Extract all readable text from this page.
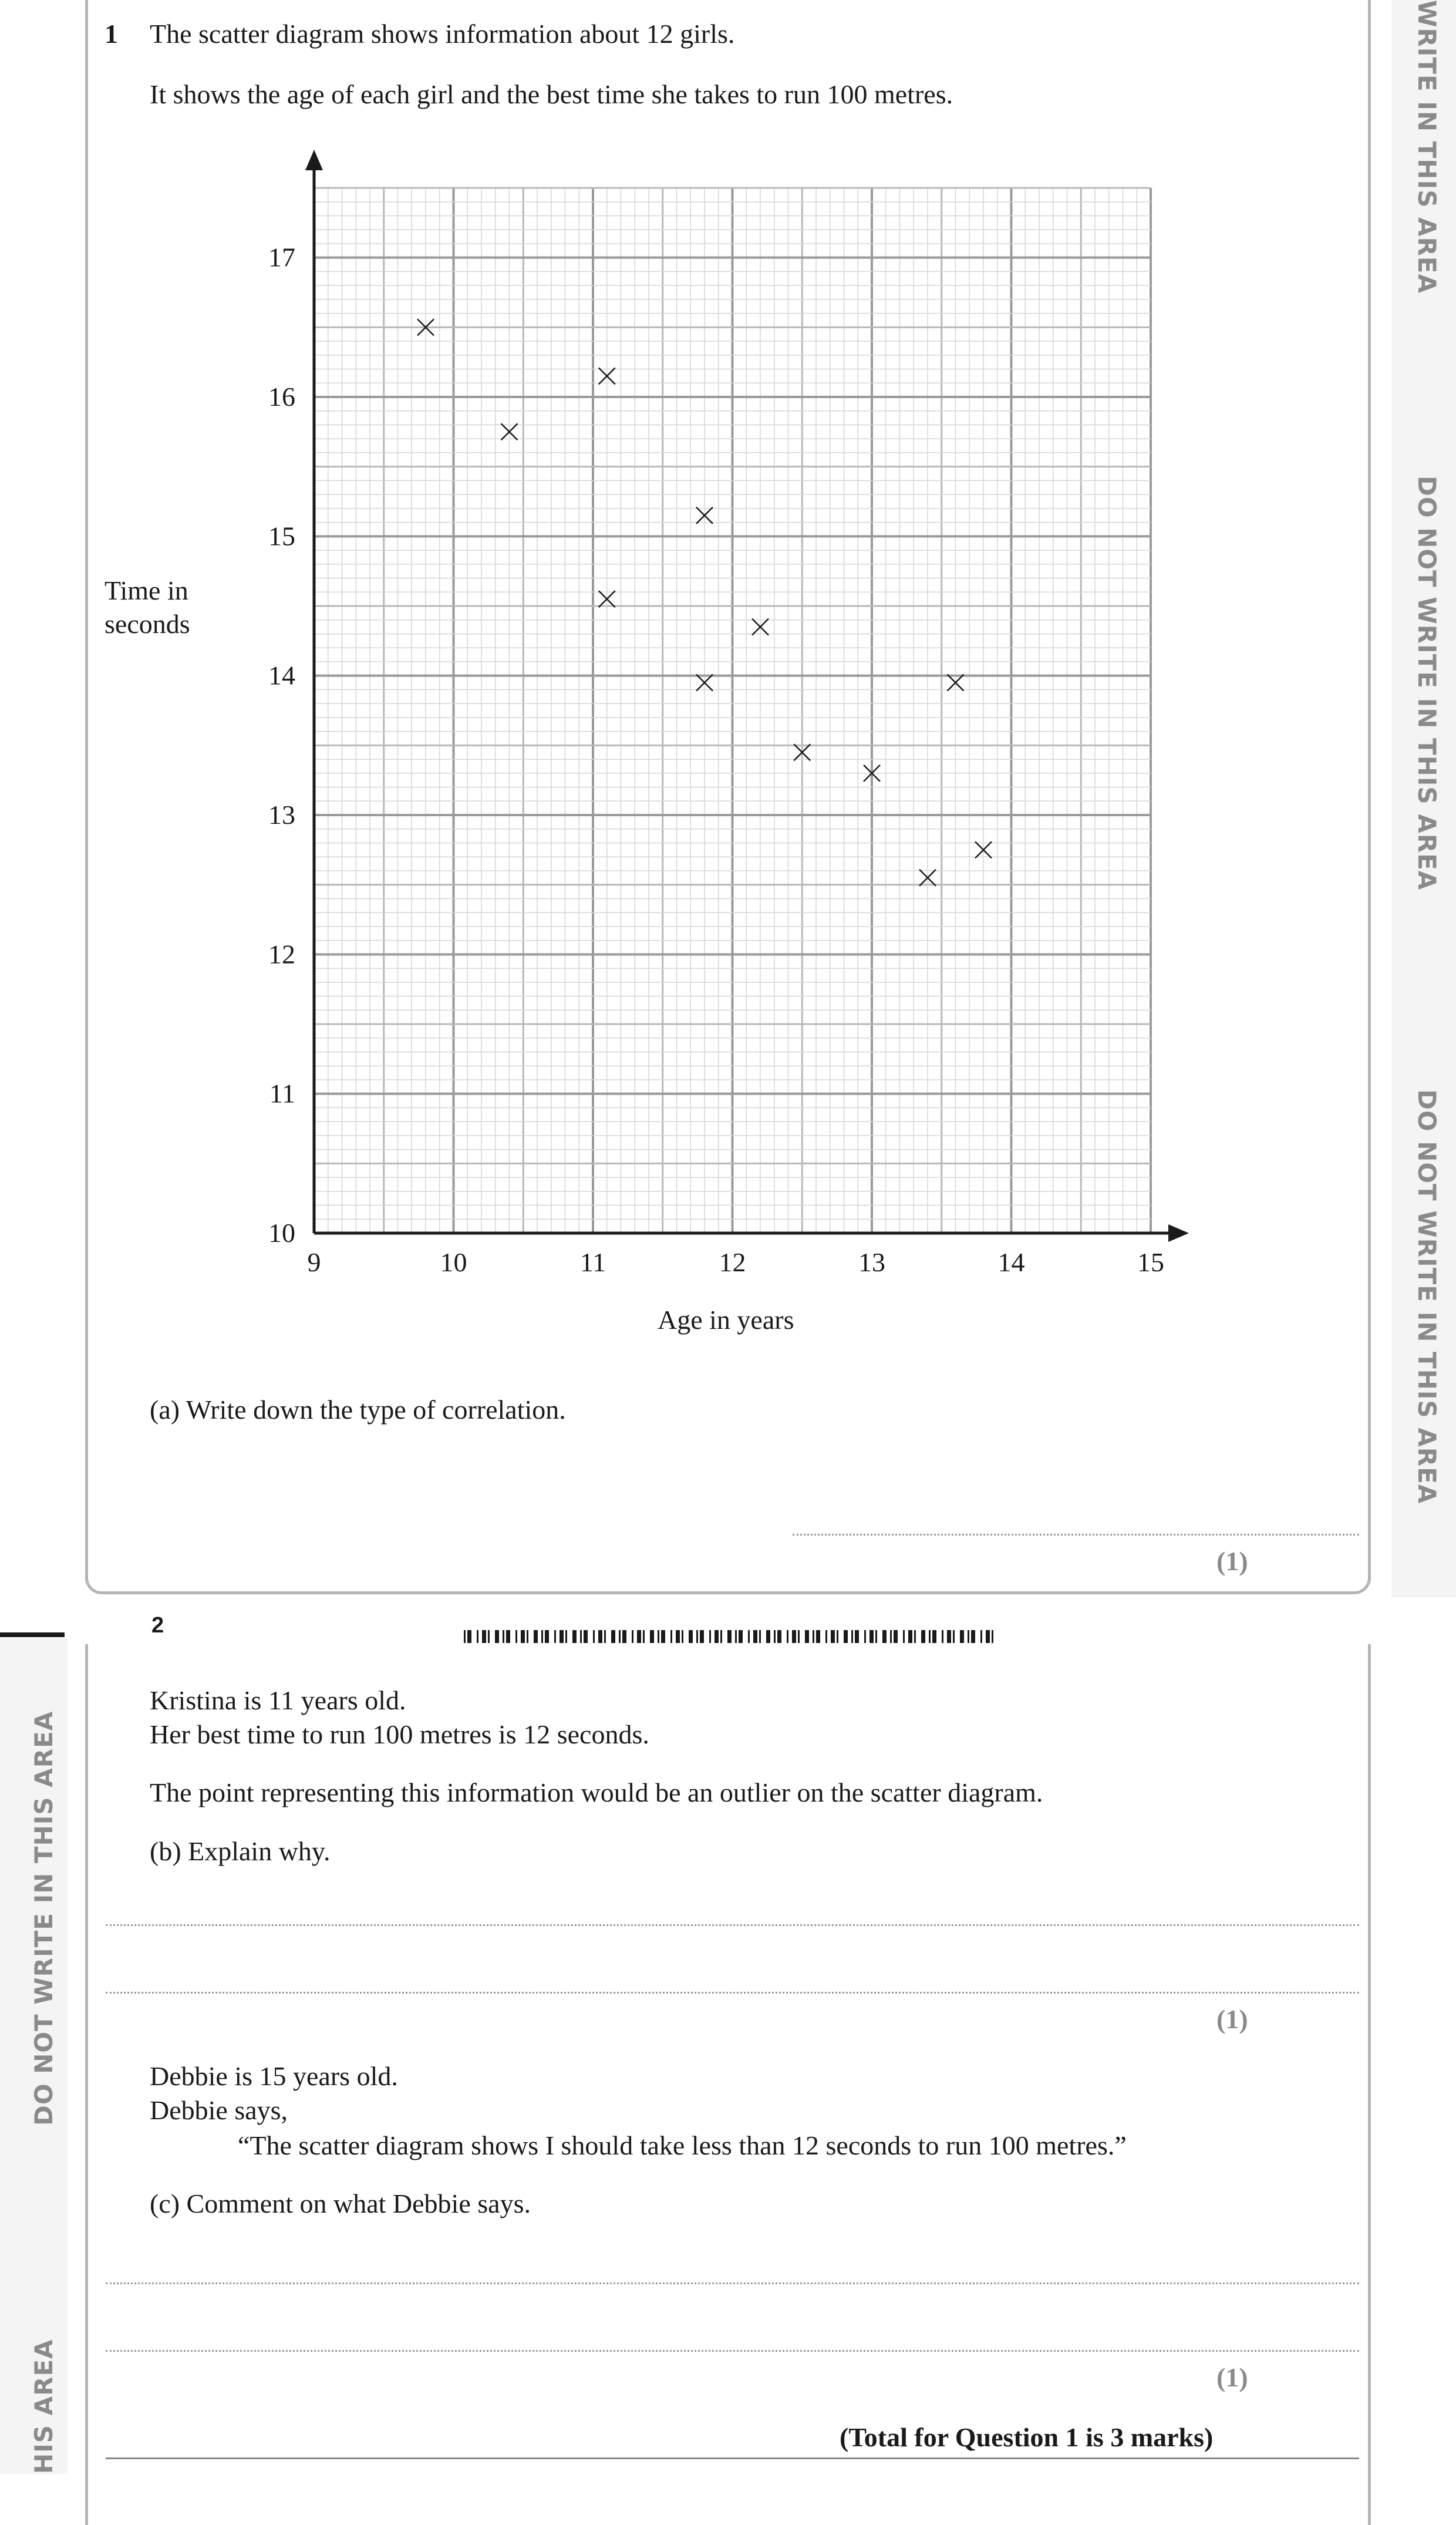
WRITE IN THIS AREA
DO NOT WRITE IN THIS AREA
DO NOT WRITE IN THIS AREA
DO NOT WRITE IN THIS AREA
HIS AREA
1 The scatter diagram shows information about 12 girls.
It shows the age of each girl and the best time she takes to run 100 metres.
Time in
seconds
9	10	11	12	13	14	15
10
11
12
13
14
15
16
17
Age in years
(a) Write down the type of correlation.
(1)
2
Kristina is 11 years old.
Her best time to run 100 metres is 12 seconds.
The point representing this information would be an outlier on the scatter diagram.
(b) Explain why.
(1)
Debbie is 15 years old.
Debbie says,
“The scatter diagram shows I should take less than 12 seconds to run 100 metres.”
(c) Comment on what Debbie says.
(1)
(Total for Question 1 is 3 marks)
